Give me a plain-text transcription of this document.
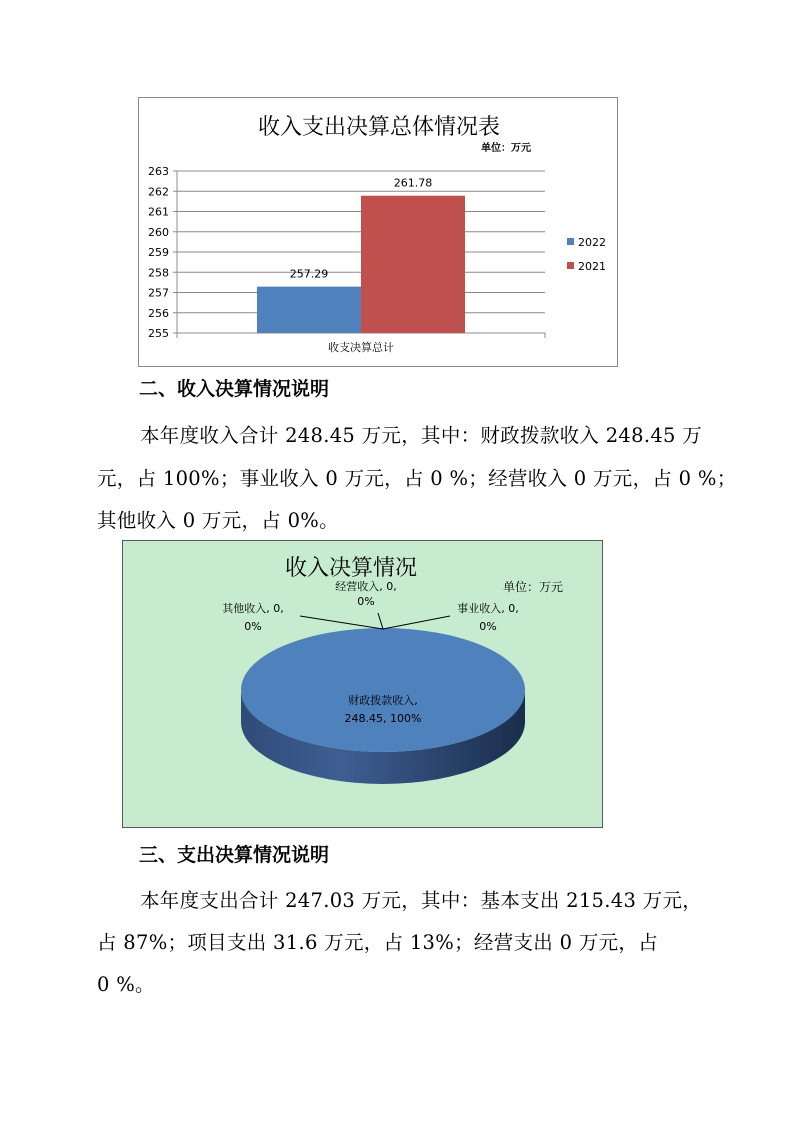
收入支出决算总体情况表
单位：万元
255
256
257
258
259
260
261
262
263
257.29
261.78
收支决算总计
2022
2021
二、收入决算情况说明

本年度收入合计 248.45 万元，其中：财政拨款收入 248.45 万

元，占 100%；事业收入 0 万元，占 0 %；经营收入 0 万元，占 0 %；

其他收入 0 万元，占 0%。

收入决算情况
单位：万元
财政拨款收入,
248.45, 100%
经营收入, 0,
0%
其他收入, 0,
0%
事业收入, 0,
0%
三、支出决算情况说明

本年度支出合计 247.03 万元，其中：基本支出 215.43 万元，

占 87%；项目支出 31.6 万元，占 13%；经营支出 0 万元，占

0 %。
